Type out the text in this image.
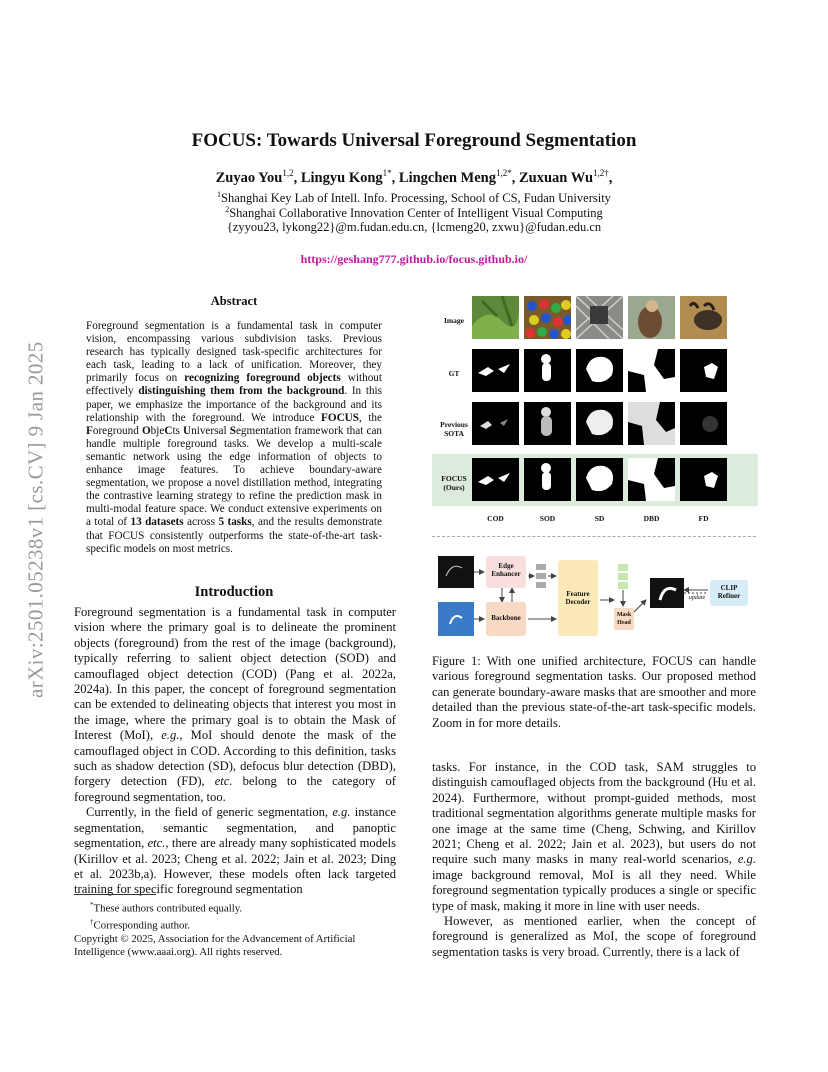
arXiv:2501.05238v1 [cs.CV] 9 Jan 2025
FOCUS: Towards Universal Foreground Segmentation
Zuyao You$^{1,2}$, Lingyu Kong$^{1*}$, Lingchen Meng$^{1,2*}$, Zuxuan $Wu^{1,2\dagger}$,
$^1$Shanghai Key Lab of Intell. Info. Processing, School of CS, Fudan University
$^2$Shanghai Collaborative Innovation Center of Intelligent Visual Computing
{zyyou23, lykong22}@m.fudan.edu.cn, {lcmeng20, zxwu}@fudan.edu.cn
https://geshang777.github.io/focus.github.io/
Abstract
Foreground segmentation is a fundamental task in computer vision, encompassing various subdivision tasks. Previous research has typically designed task-specific architectures for each task, leading to a lack of unification. Moreover, they primarily focus on recognizing foreground objects without effectively distinguishing them from the background. In this paper, we emphasize the importance of the background and its relationship with the foreground. We introduce FOCUS, the Foreground ObjeCts Universal Segmentation framework that can handle multiple foreground tasks. We develop a multi-scale semantic network using the edge information of objects to enhance image features. To achieve boundary-aware segmentation, we propose a novel distillation method, integrating the contrastive learning strategy to refine the prediction mask in multi-modal feature space. We conduct extensive experiments on a total of 13 datasets across 5 tasks, and the results demonstrate that FOCUS consistently outperforms the state-of-the-art task-specific models on most metrics.
Introduction

Foreground segmentation is a fundamental task in computer vision where the primary goal is to delineate the prominent objects (foreground) from the rest of the image (background), typically referring to salient object detection (SOD) and camouflaged object detection (COD) (Pang et al. 2022a, 2024a). In this paper, the concept of foreground segmentation can be extended to delineating objects that interest you most in the image, where the primary goal is to obtain the Mask of Interest (MoI), e.g., MoI should denote the mask of the camouflaged object in COD. According to this definition, tasks such as shadow detection (SD), defocus blur detection (DBD), forgery detection (FD), etc. belong to the category of foreground segmentation, too.

Currently, in the field of generic segmentation, e.g. instance segmentation, semantic segmentation, and panoptic segmentation, etc., there are already many sophisticated models (Kirillov et al. 2023; Cheng et al. 2022; Jain et al. 2023; Ding et al. 2023b,a). However, these models often lack targeted training for specific foreground segmentation

*These authors contributed equally.

†Corresponding author.

Copyright © 2025, Association for the Advancement of Artificial Intelligence (www.aaai.org). All rights reserved.

Image
GT
Previous SOTA
FOCUS (Ours)
COD	SOD	SD	DBD	FD
Edge Enhancer
Backbone
Feature Decoder
Mask Head
update
CLIP Refiner
Figure 1: With one unified architecture, FOCUS can handle various foreground segmentation tasks. Our proposed method can generate boundary-aware masks that are smoother and more detailed than the previous state-of-the-art task-specific models. Zoom in for more details.

tasks. For instance, in the COD task, SAM struggles to distinguish camouflaged objects from the background (Hu et al. 2024). Furthermore, without prompt-guided methods, most traditional segmentation algorithms generate multiple masks for one image at the same time (Cheng, Schwing, and Kirillov 2021; Cheng et al. 2022; Jain et al. 2023), but users do not require such many masks in many real-world scenarios, e.g. image background removal, MoI is all they need. While foreground segmentation typically produces a single or specific type of mask, making it more in line with user needs.

However, as mentioned earlier, when the concept of foreground is generalized as MoI, the scope of foreground segmentation tasks is very broad. Currently, there is a lack of
